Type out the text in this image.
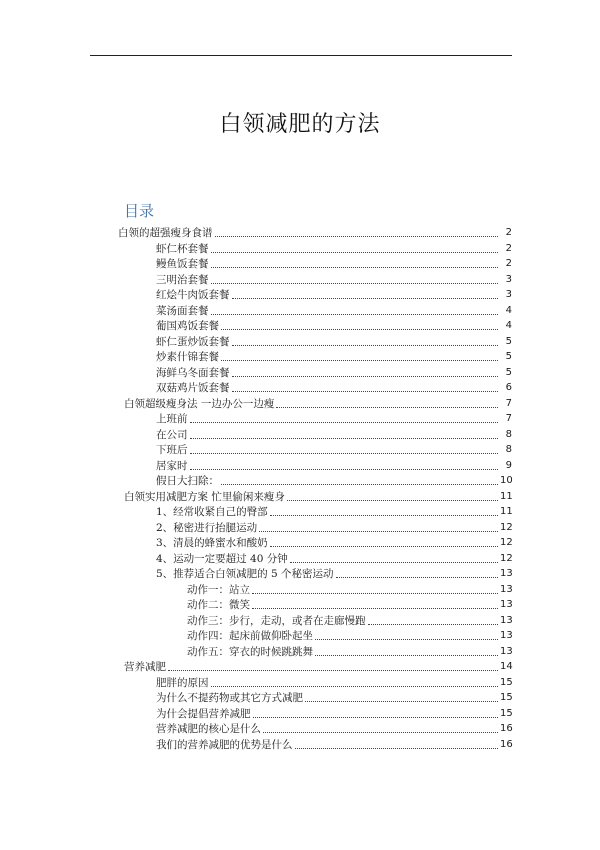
白领减肥的方法
目录
白领的超强瘦身食谱	2
虾仁杯套餐	2
鳗鱼饭套餐	2
三明治套餐	3
红烩牛肉饭套餐	3
菜汤面套餐	4
葡国鸡饭套餐	4
虾仁蛋炒饭套餐	5
炒素什锦套餐	5
海鲜乌冬面套餐	5
双菇鸡片饭套餐	6
白领超级瘦身法 一边办公一边瘦	7
上班前	7
在公司	8
下班后	8
居家时	9
假日大扫除：	10
白领实用减肥方案 忙里偷闲来瘦身	11
1、经常收紧自己的臀部	11
2、秘密进行抬腿运动	12
3、清晨的蜂蜜水和酸奶	12
4、运动一定要超过 40 分钟	12
5、推荐适合白领减肥的 5 个秘密运动	13
动作一：站立	13
动作二：微笑	13
动作三：步行，走动，或者在走廊慢跑	13
动作四：起床前做仰卧起坐	13
动作五：穿衣的时候跳跳舞	13
营养减肥	14
肥胖的原因	15
为什么不提药物或其它方式减肥	15
为什会提倡营养减肥	15
营养减肥的核心是什么	16
我们的营养减肥的优势是什么	16
